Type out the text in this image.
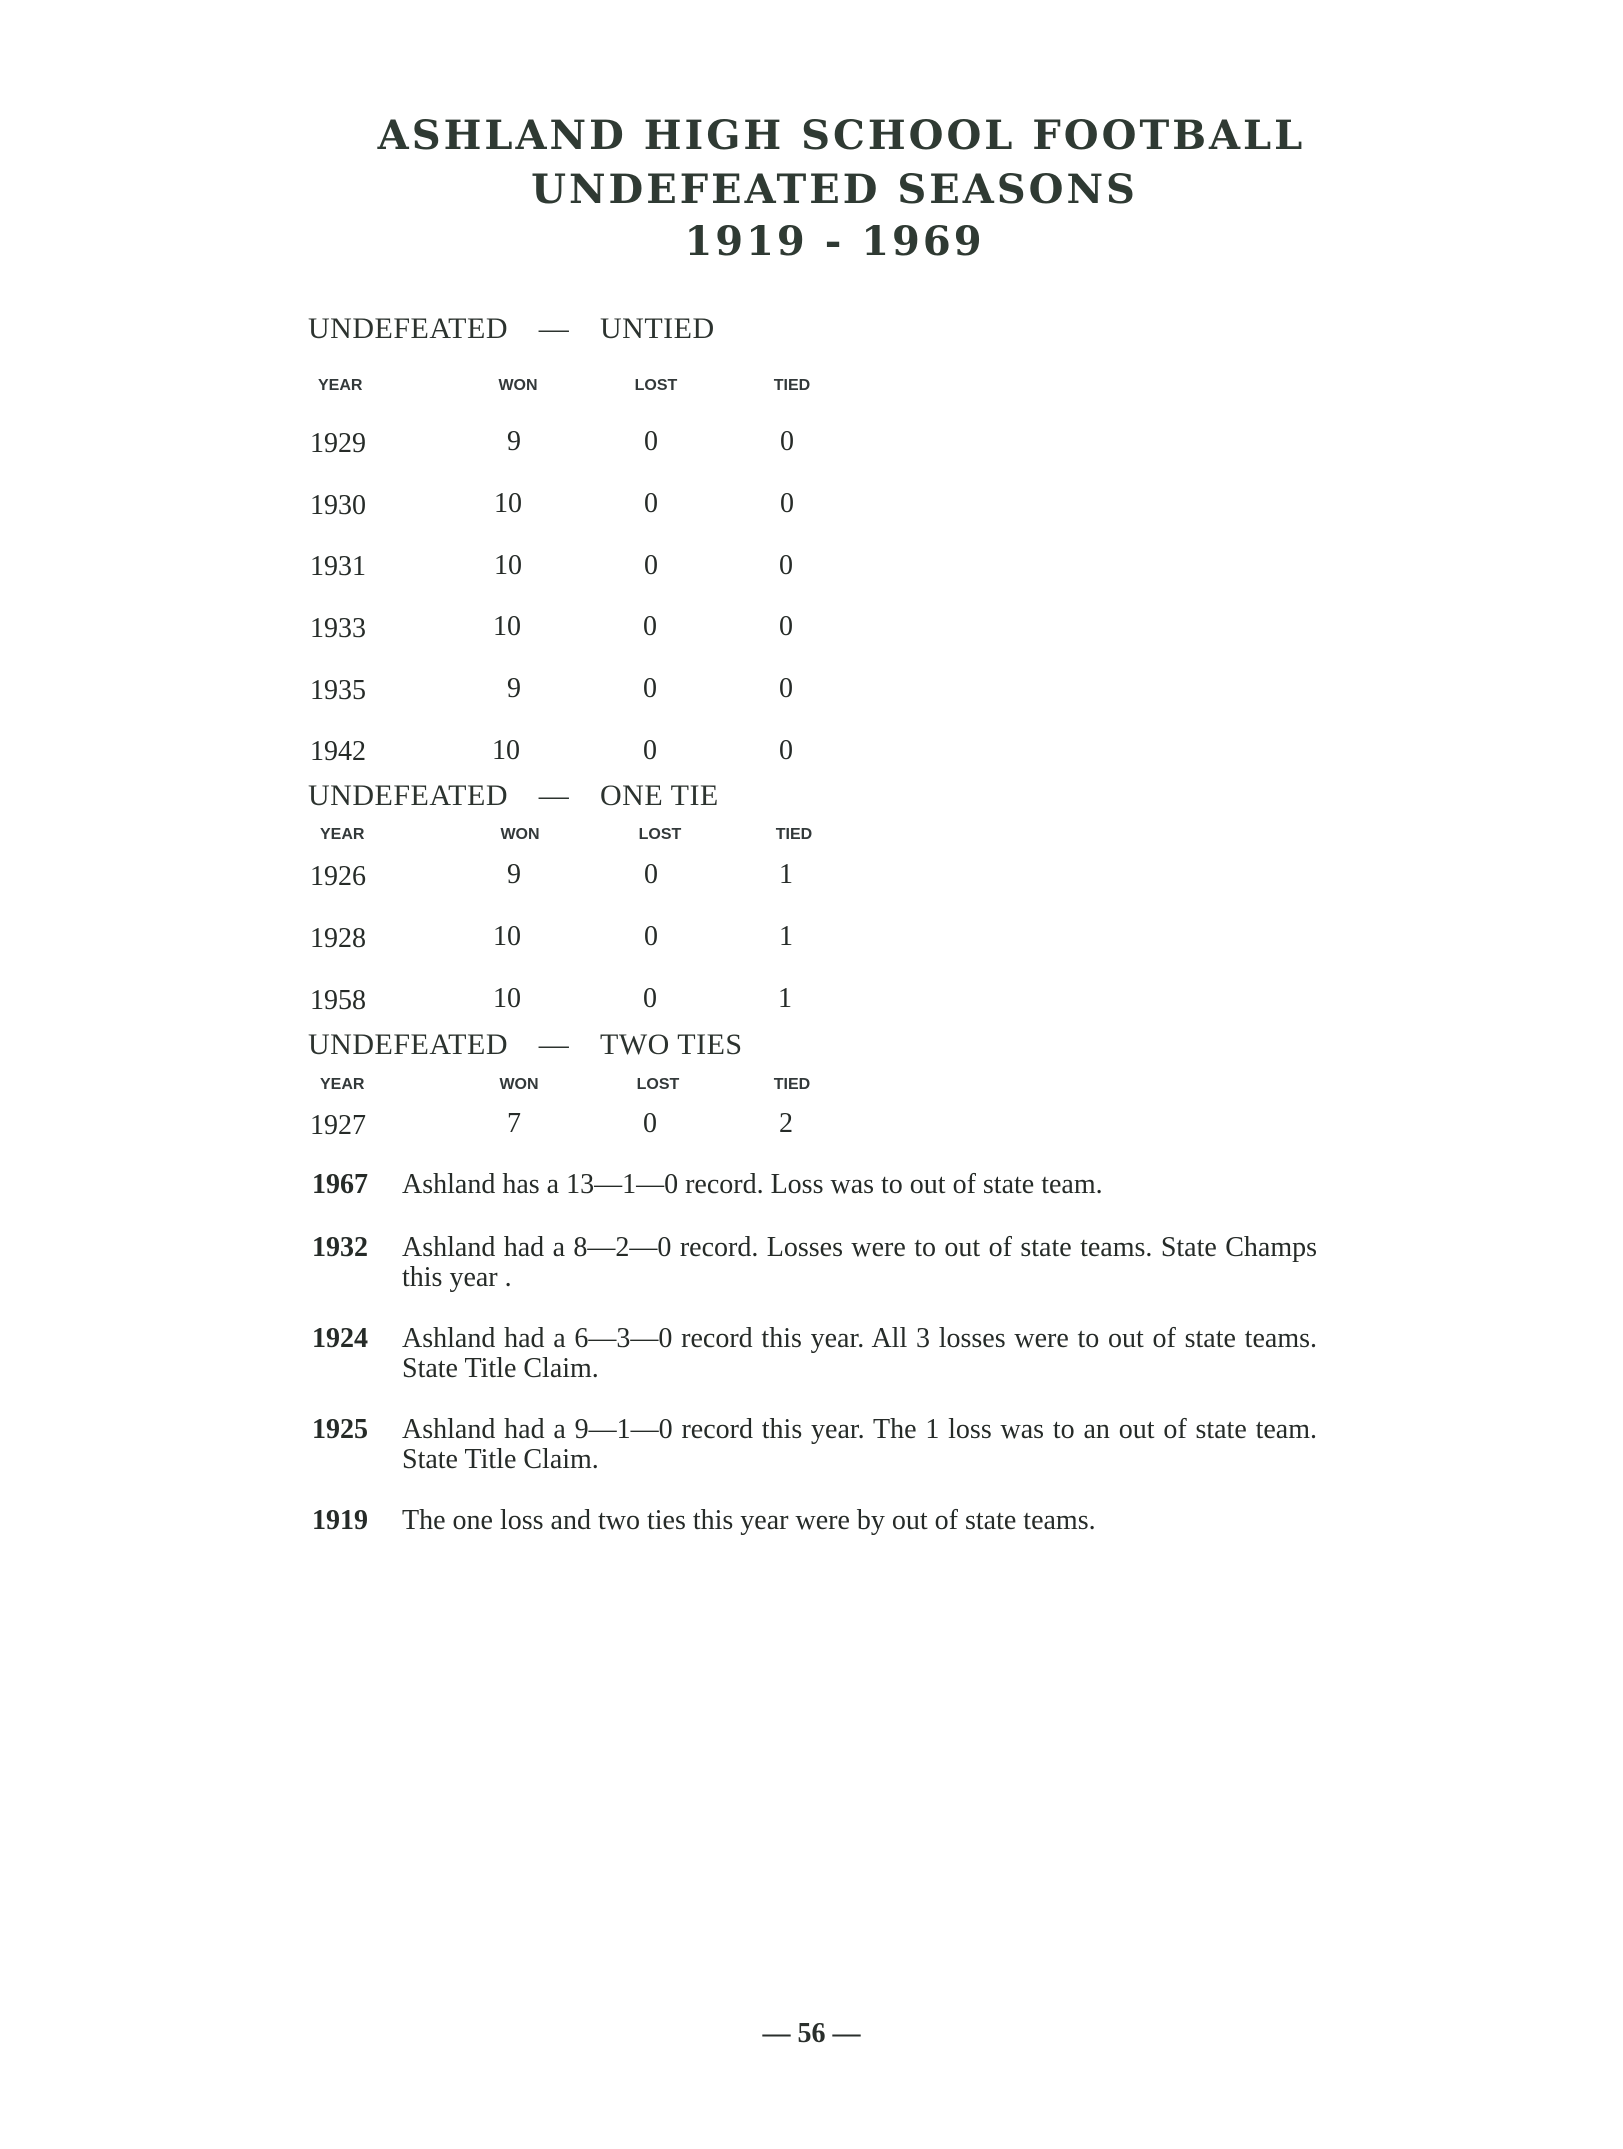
ASHLAND HIGH SCHOOL FOOTBALL
UNDEFEATED SEASONS
1919 - 1969
UNDEFEATED — UNTIED
YEAR	WON	LOST	TIED
1929	9	0	0
1930	10	0	0
1931	10	0	0
1933	10	0	0
1935	9	0	0
1942	10	0	0
UNDEFEATED — ONE TIE
YEAR	WON	LOST	TIED
1926	9	0	1
1928	10	0	1
1958	10	0	1
UNDEFEATED — TWO TIES
YEAR	WON	LOST	TIED
1927	7	0	2
1967	Ashland has a 13—1—0 record. Loss was to out of state team.
1932	Ashland had a 8—2—0 record. Losses were to out of state teams. State Champs this year .
1924	Ashland had a 6—3—0 record this year. All 3 losses were to out of state teams. State Title Claim.
1925	Ashland had a 9—1—0 record this year. The 1 loss was to an out of state team. State Title Claim.
1919	The one loss and two ties this year were by out of state teams.
— 56 —
